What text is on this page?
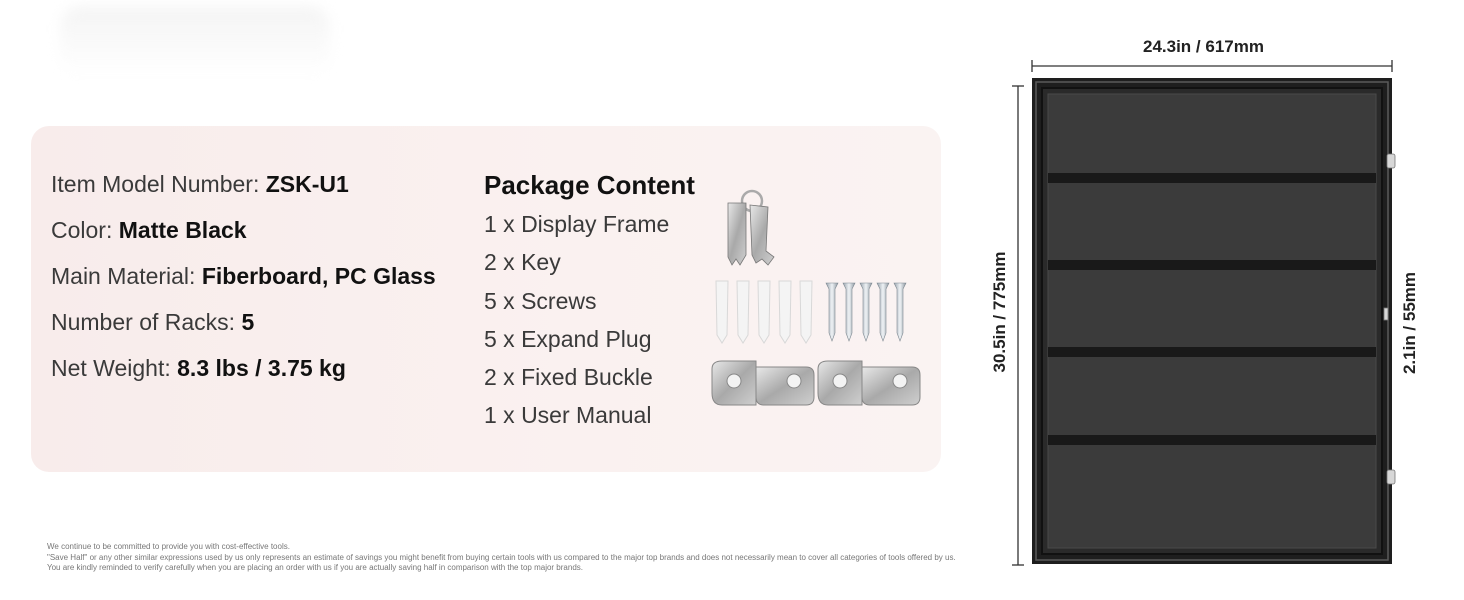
Item Model Number: ZSK-U1
Color: Matte Black
Main Material: Fiberboard, PC Glass
Number of Racks: 5
Net Weight: 8.3 lbs / 3.75 kg
Package Content
1 x Display Frame
2 x Key
5 x Screws
5 x Expand Plug
2 x Fixed Buckle
1 x User Manual
We continue to be committed to provide you with cost-effective tools.
"Save Half" or any other similar expressions used by us only represents an estimate of savings you might benefit from buying certain tools with us compared to the major top brands and does not necessarily mean to cover all categories of tools offered by us.
You are kindly reminded to verify carefully when you are placing an order with us if you are actually saving half in comparison with the top major brands.
24.3in / 617mm
30.5in / 775mm	2.1in / 55mm
